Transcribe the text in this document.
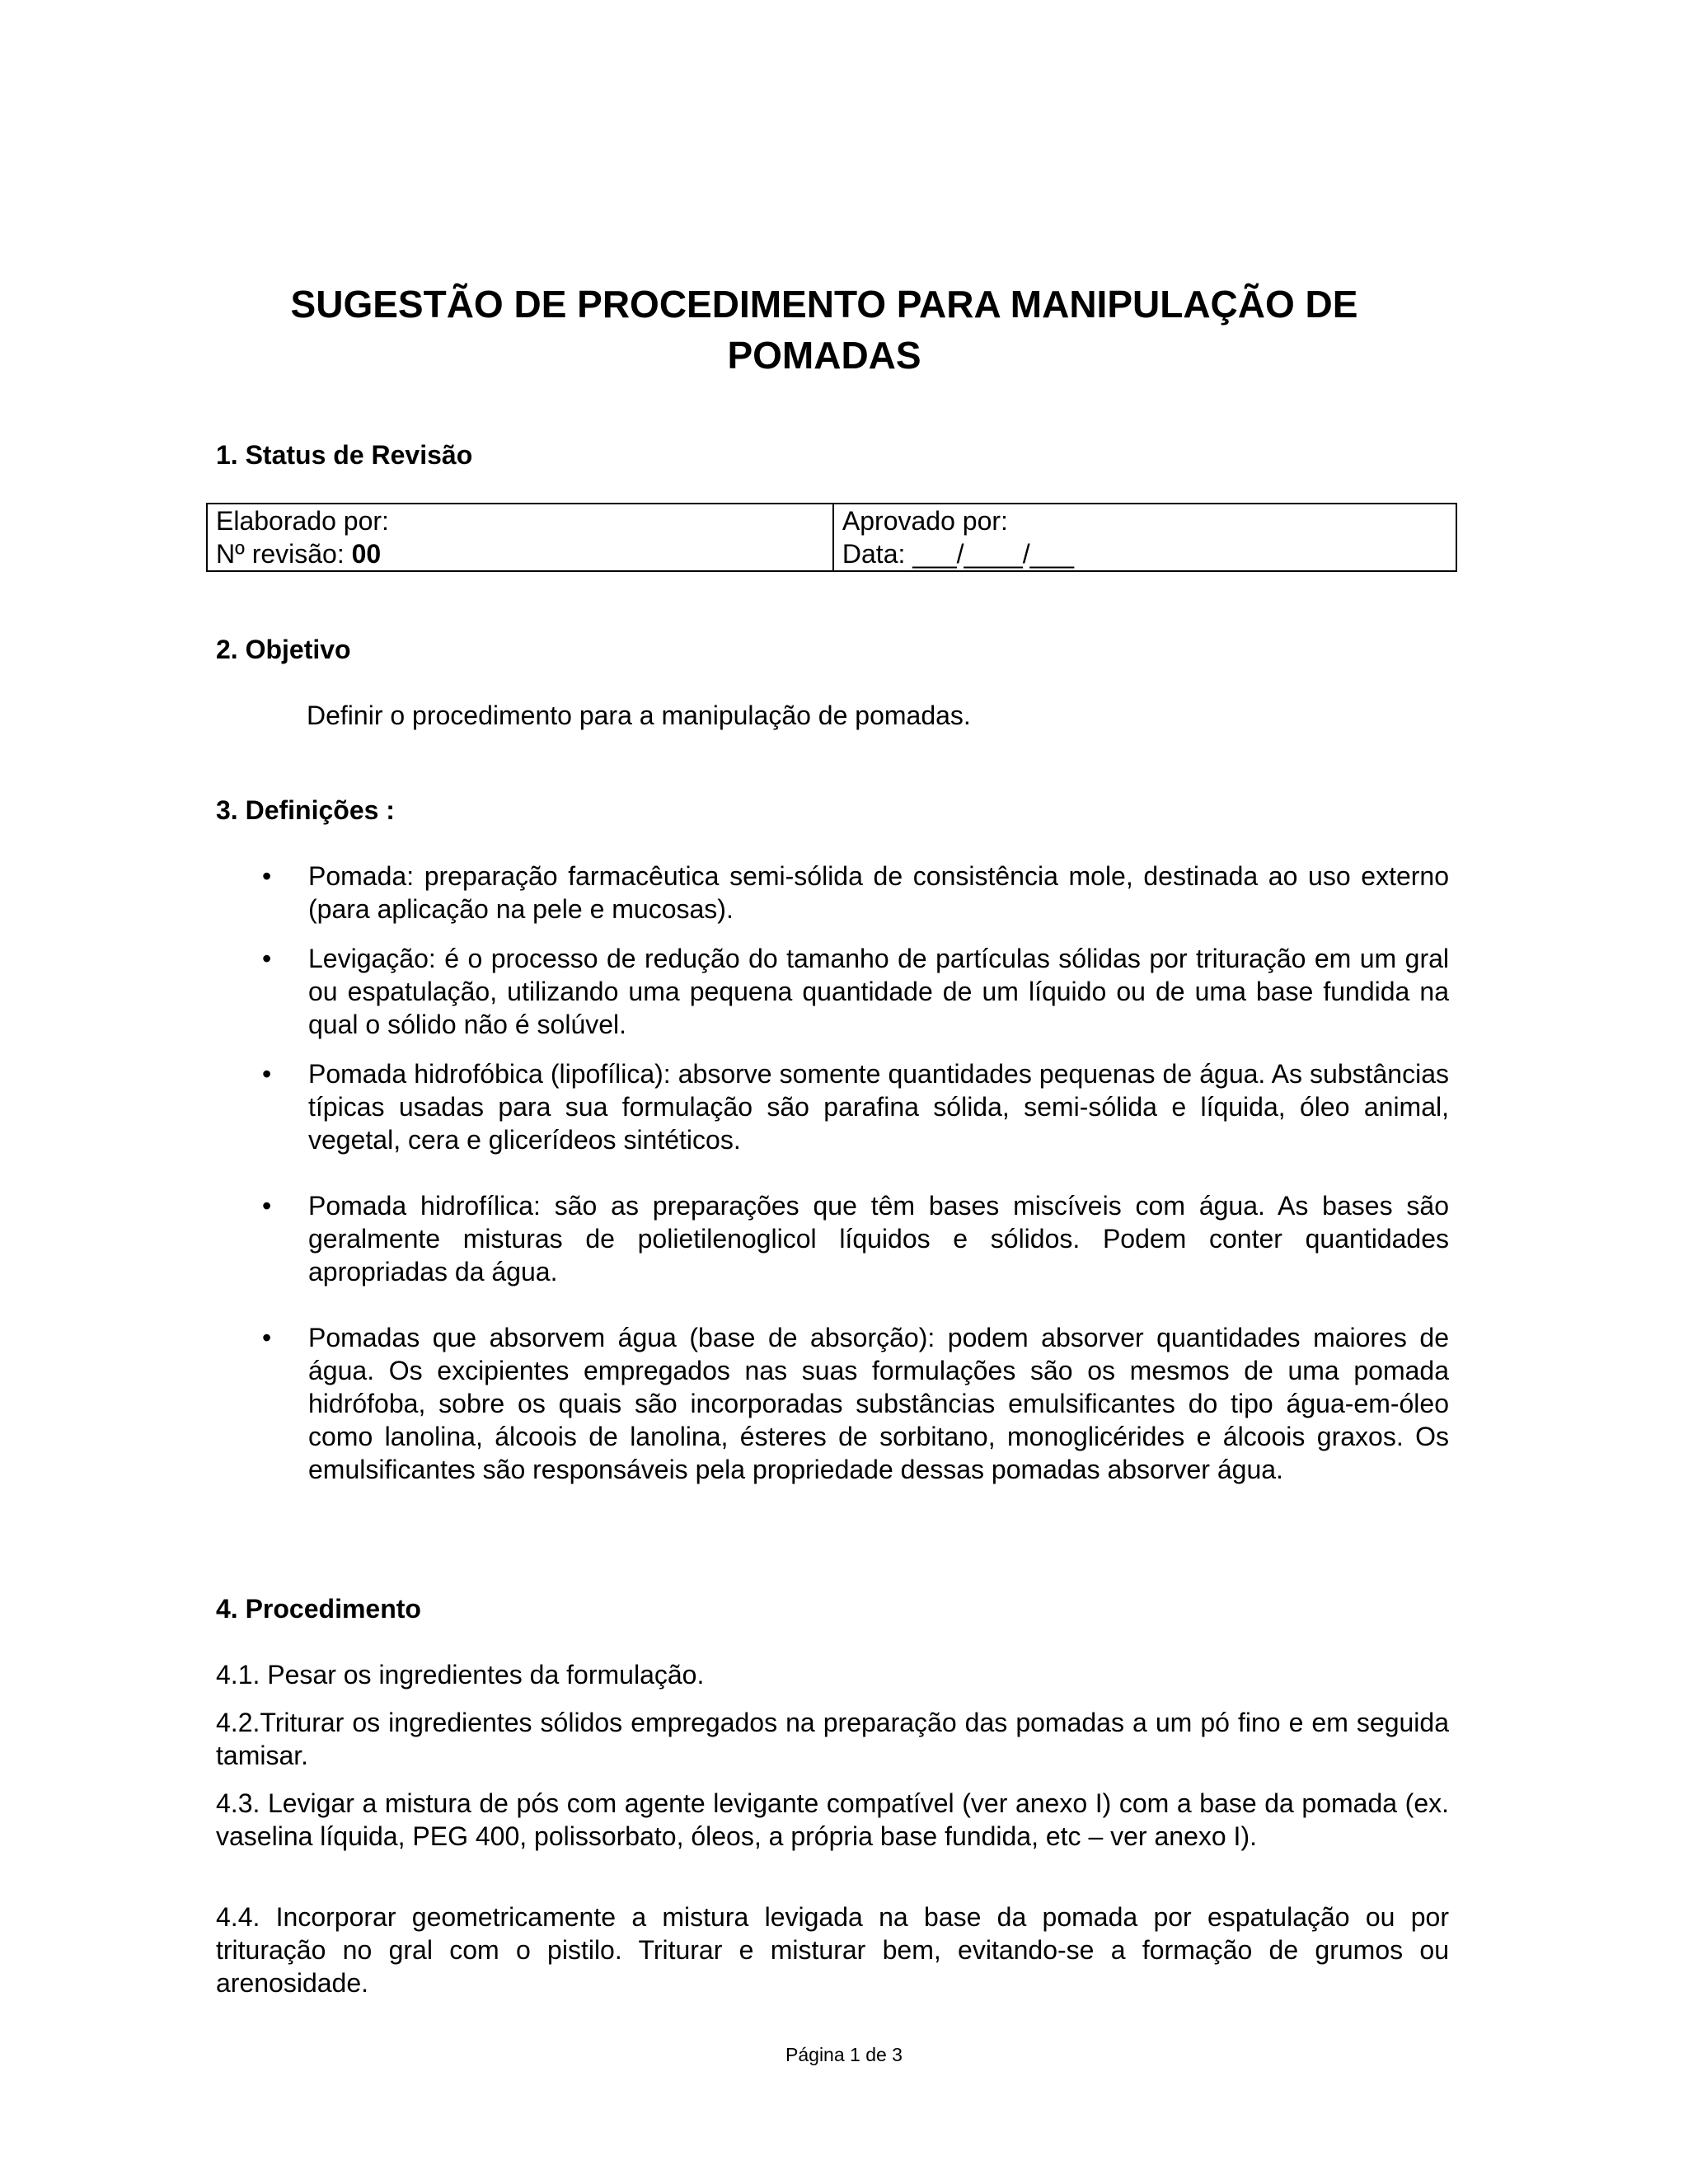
SUGESTÃO DE PROCEDIMENTO PARA MANIPULAÇÃO DE
POMADAS
1. Status de Revisão
Elaborado por:
Nº revisão: 00

Aprovado por:
Data: ___/____/___
2. Objetivo

Definir o procedimento para a manipulação de pomadas.

3. Definições :
• Pomada: preparação farmacêutica semi-sólida de consistência mole, destinada ao uso externo (para aplicação na pele e mucosas).

• Levigação: é o processo de redução do tamanho de partículas sólidas por trituração em um gral ou espatulação, utilizando uma pequena quantidade de um líquido ou de uma base fundida na qual o sólido não é solúvel.

• Pomada hidrofóbica (lipofílica): absorve somente quantidades pequenas de água. As substâncias típicas usadas para sua formulação são parafina sólida, semi-sólida e líquida, óleo animal, vegetal, cera e glicerídeos sintéticos.

• Pomada hidrofílica: são as preparações que têm bases miscíveis com água. As bases são geralmente misturas de polietilenoglicol líquidos e sólidos. Podem conter quantidades apropriadas da água.

• Pomadas que absorvem água (base de absorção): podem absorver quantidades maiores de água. Os excipientes empregados nas suas formulações são os mesmos de uma pomada hidrófoba, sobre os quais são incorporadas substâncias emulsificantes do tipo água-em-óleo como lanolina, álcoois de lanolina, ésteres de sorbitano, monoglicérides e álcoois graxos. Os emulsificantes são responsáveis pela propriedade dessas pomadas absorver água.

4. Procedimento

4.1. Pesar os ingredientes da formulação.

4.2.Triturar os ingredientes sólidos empregados na preparação das pomadas a um pó fino e em seguida tamisar.

4.3. Levigar a mistura de pós com agente levigante compatível (ver anexo I) com a base da pomada (ex. vaselina líquida, PEG 400, polissorbato, óleos, a própria base fundida, etc – ver anexo I).

4.4. Incorporar geometricamente a mistura levigada na base da pomada por espatulação ou por trituração no gral com o pistilo. Triturar e misturar bem, evitando-se a formação de grumos ou arenosidade.

Página 1 de 3
